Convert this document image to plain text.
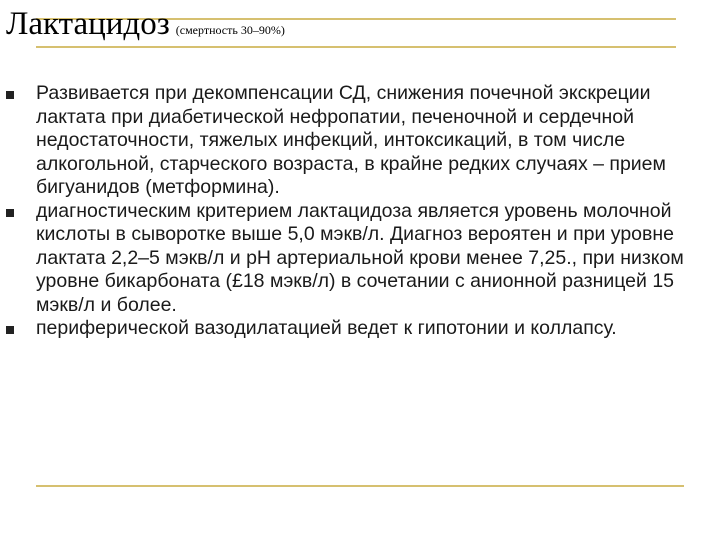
Лактацидоз (смертность 30–90%)
Развивается при декомпенсации СД, снижения почечной экскреции лактата при диабетической нефропатии, печеночной и сердечной недостаточности, тяжелых инфекций, интоксикаций, в том числе алкогольной, старческого возраста, в крайне редких случаях – прием бигуанидов (метформина).
диагностическим критерием лактацидоза является уровень молочной кислоты в сыворотке выше 5,0 мэкв/л. Диагноз вероятен и при уровне лактата 2,2–5 мэкв/л и рН артериальной крови менее 7,25., при низком уровне бикарбоната (£18 мэкв/л) в сочетании с анионной разницей 15 мэкв/л и более.
периферической вазодилатацией ведет к гипотонии и коллапсу.
